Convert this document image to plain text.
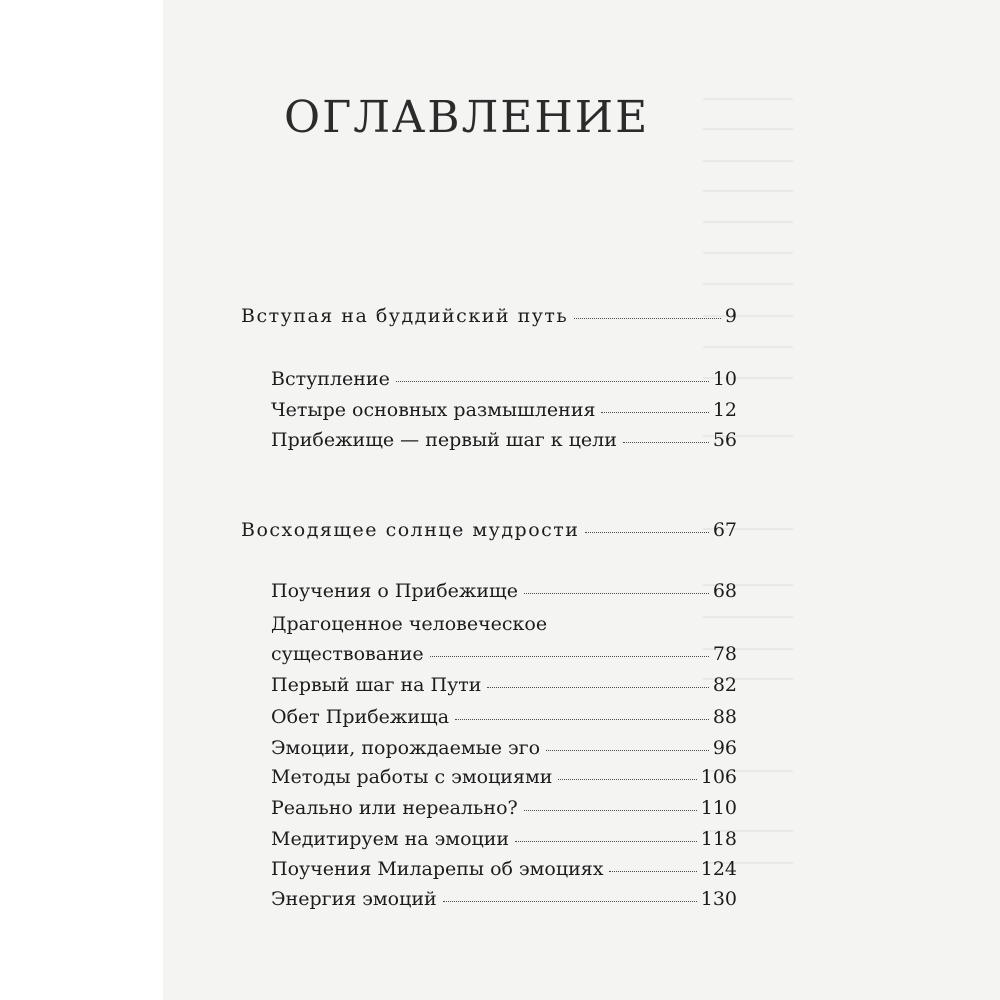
ОГЛАВЛЕНИЕ
Вступая на буддийский путь	9
Вступление	10
Четыре основных размышления	12
Прибежище — первый шаг к цели	56
Восходящее солнце мудрости	67
Поучения о Прибежище	68
Драгоценное человеческое
существование	78
Первый шаг на Пути	82
Обет Прибежища	88
Эмоции, порождаемые эго	96
Методы работы с эмоциями	106
Реально или нереально?	110
Медитируем на эмоции	118
Поучения Миларепы об эмоциях	124
Энергия эмоций	130
